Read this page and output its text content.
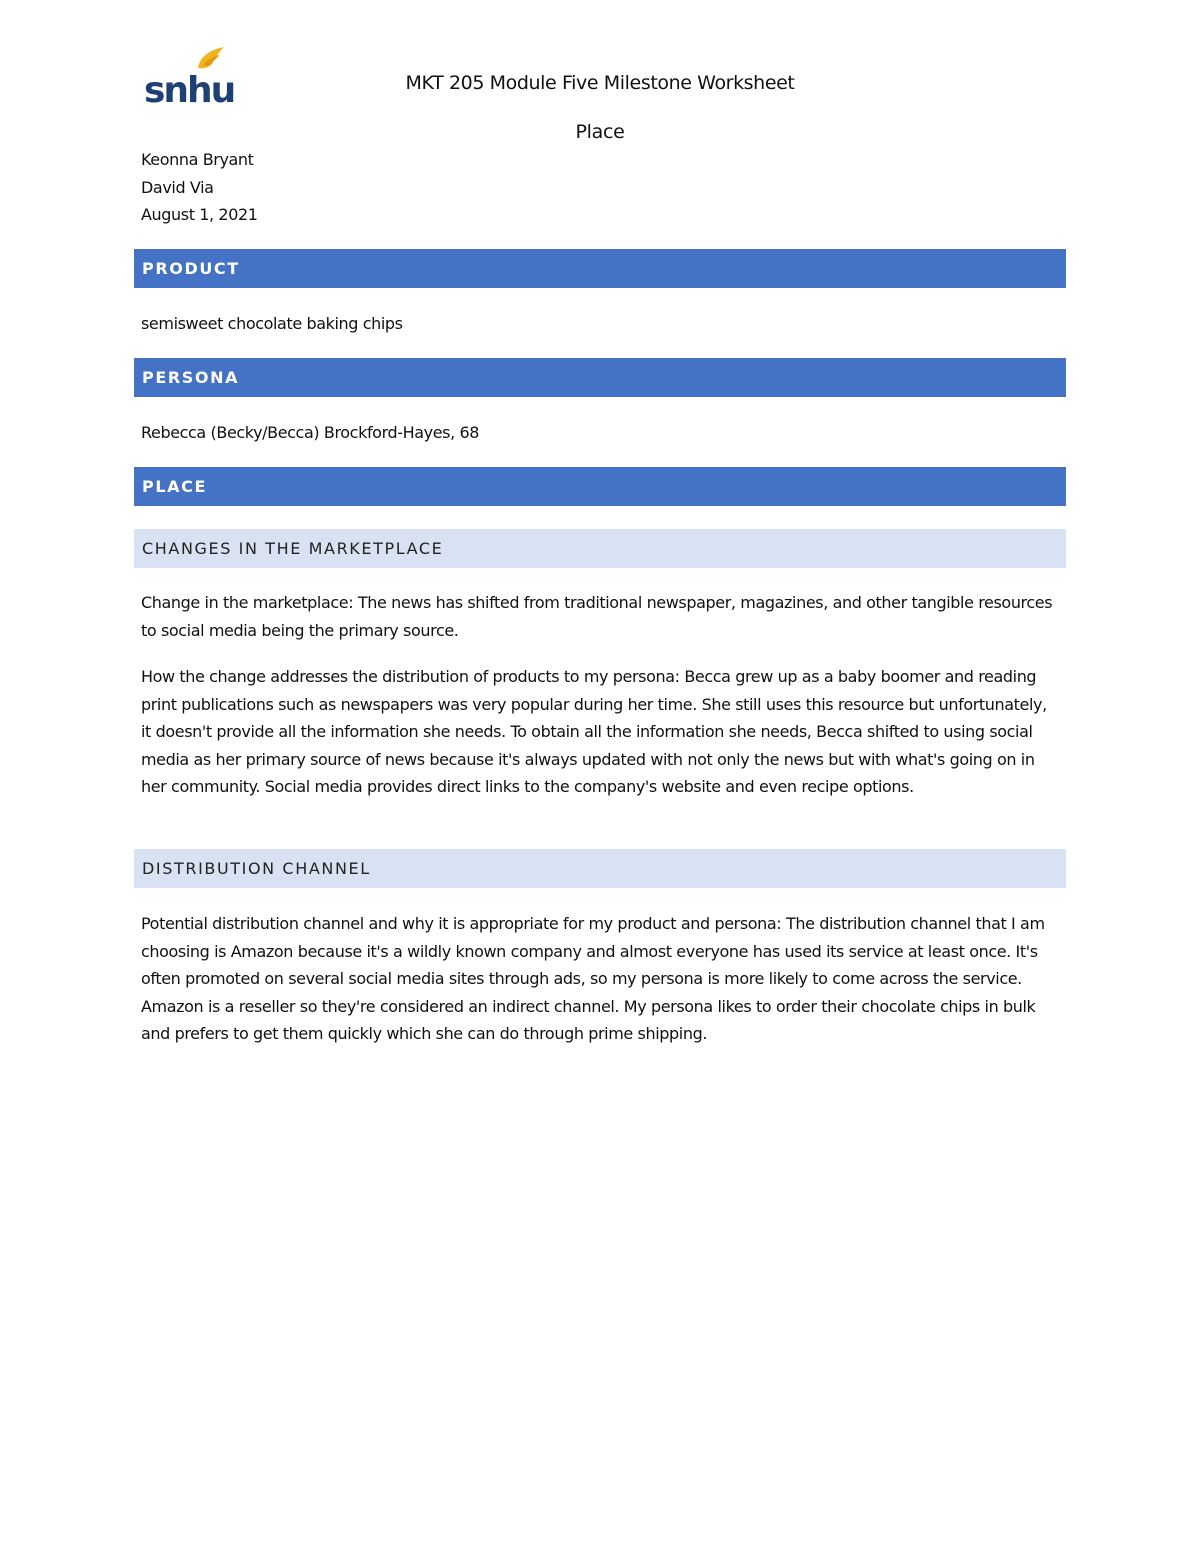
snhu	MKT 205 Module Five Milestone Worksheet
Place
Keonna Bryant
David Via
August 1, 2021
PRODUCT
semisweet chocolate baking chips
PERSONA
Rebecca (Becky/Becca) Brockford-Hayes, 68
PLACE
CHANGES IN THE MARKETPLACE

Change in the marketplace: The news has shifted from traditional newspaper, magazines, and other tangible resources to social media being the primary source.

How the change addresses the distribution of products to my persona: Becca grew up as a baby boomer and reading print publications such as newspapers was very popular during her time. She still uses this resource but unfortunately, it doesn't provide all the information she needs. To obtain all the information she needs, Becca shifted to using social media as her primary source of news because it's always updated with not only the news but with what's going on in her community. Social media provides direct links to the company's website and even recipe options.

DISTRIBUTION CHANNEL

Potential distribution channel and why it is appropriate for my product and persona: The distribution channel that I am choosing is Amazon because it's a wildly known company and almost everyone has used its service at least once. It's often promoted on several social media sites through ads, so my persona is more likely to come across the service. Amazon is a reseller so they're considered an indirect channel. My persona likes to order their chocolate chips in bulk and prefers to get them quickly which she can do through prime shipping.
